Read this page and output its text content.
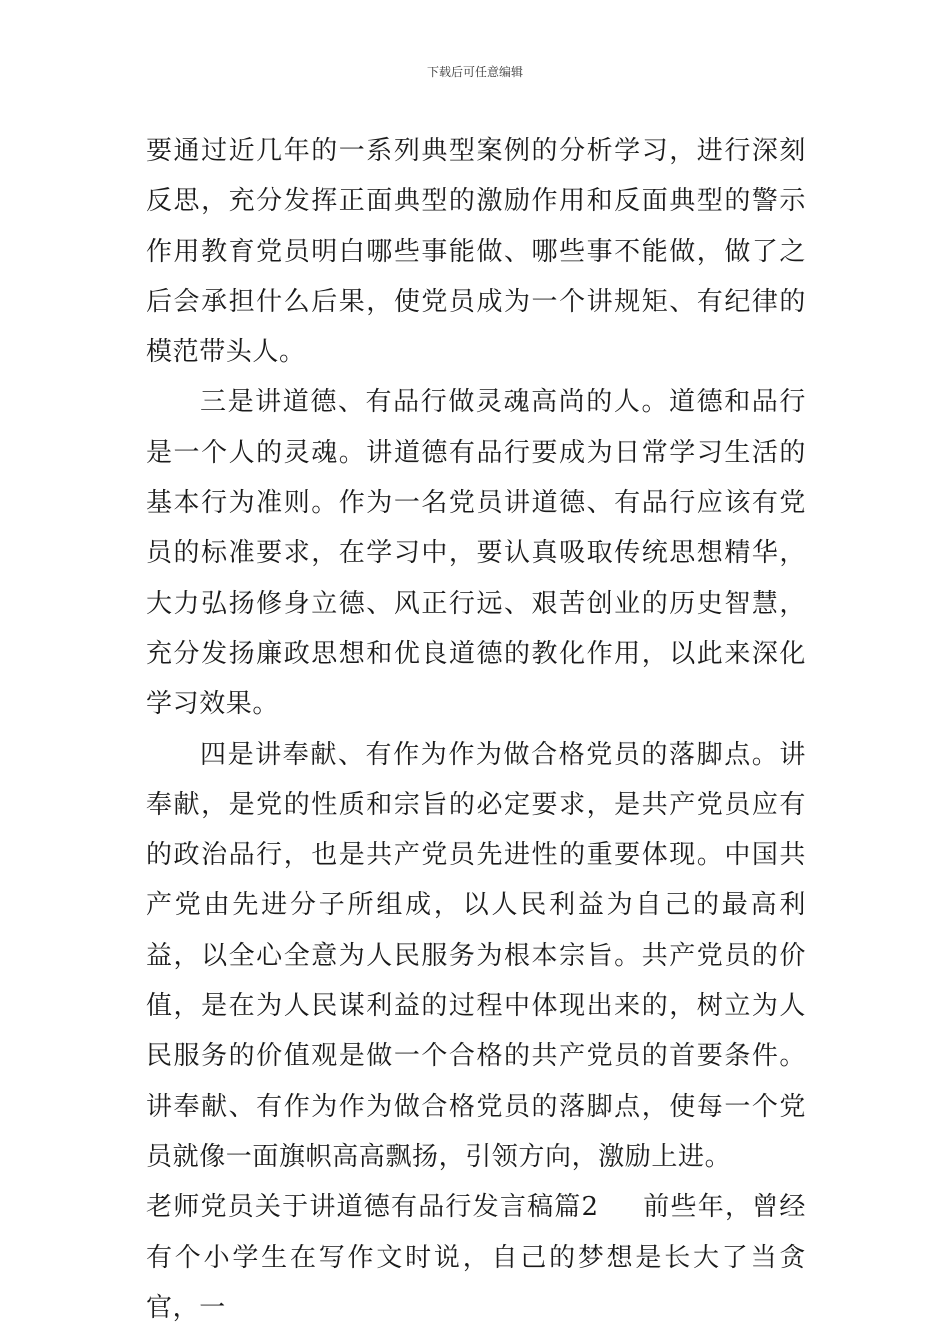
下载后可任意编辑

要通过近几年的一系列典型案例的分析学习，进行深刻反思，充分发挥正面典型的激励作用和反面典型的警示作用教育党员明白哪些事能做、哪些事不能做，做了之后会承担什么后果，使党员成为一个讲规矩、有纪律的模范带头人。

三是讲道德、有品行做灵魂高尚的人。道德和品行是一个人的灵魂。讲道德有品行要成为日常学习生活的基本行为准则。作为一名党员讲道德、有品行应该有党员的标准要求，在学习中，要认真吸取传统思想精华，大力弘扬修身立德、风正行远、艰苦创业的历史智慧，充分发扬廉政思想和优良道德的教化作用，以此来深化学习效果。

四是讲奉献、有作为作为做合格党员的落脚点。讲奉献，是党的性质和宗旨的必定要求，是共产党员应有的政治品行，也是共产党员先进性的重要体现。中国共产党由先进分子所组成，以人民利益为自己的最高利益，以全心全意为人民服务为根本宗旨。共产党员的价值，是在为人民谋利益的过程中体现出来的，树立为人民服务的价值观是做一个合格的共产党员的首要条件。讲奉献、有作为作为做合格党员的落脚点，使每一个党员就像一面旗帜高高飘扬，引领方向，激励上进。

老师党员关于讲道德有品行发言稿篇2 前些年，曾经有个小学生在写作文时说，自己的梦想是长大了当贪官，一
